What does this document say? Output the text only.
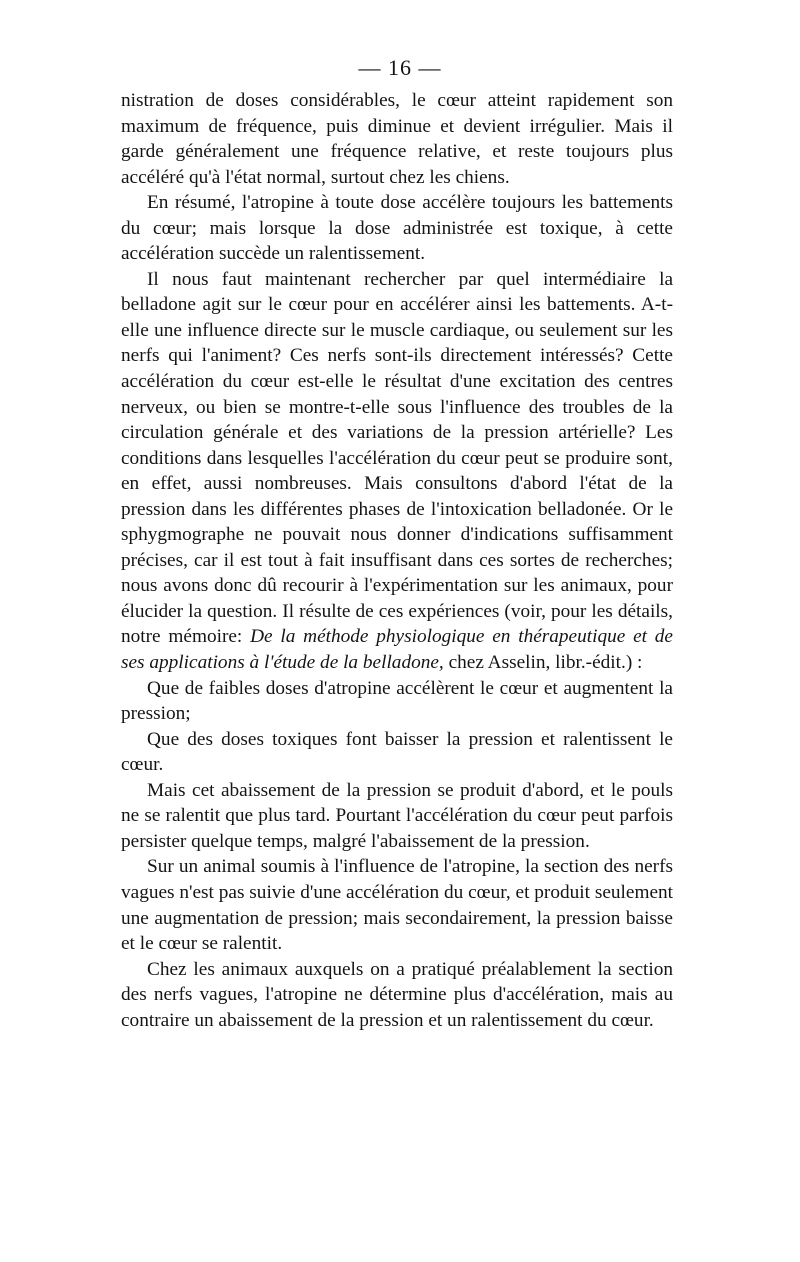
— 16 —

nistration de doses considérables, le cœur atteint rapidement son maximum de fréquence, puis diminue et devient irrégulier. Mais il garde généralement une fréquence relative, et reste toujours plus accéléré qu'à l'état normal, surtout chez les chiens.

En résumé, l'atropine à toute dose accélère toujours les battements du cœur; mais lorsque la dose administrée est toxique, à cette accélération succède un ralentissement.

Il nous faut maintenant rechercher par quel intermédiaire la belladone agit sur le cœur pour en accélérer ainsi les battements. A-t-elle une influence directe sur le muscle cardiaque, ou seulement sur les nerfs qui l'animent? Ces nerfs sont-ils directement intéressés? Cette accélération du cœur est-elle le résultat d'une excitation des centres nerveux, ou bien se montre-t-elle sous l'influence des troubles de la circulation générale et des variations de la pression artérielle? Les conditions dans lesquelles l'accélération du cœur peut se produire sont, en effet, aussi nombreuses. Mais consultons d'abord l'état de la pression dans les différentes phases de l'intoxication belladonée. Or le sphygmographe ne pouvait nous donner d'indications suffisamment précises, car il est tout à fait insuffisant dans ces sortes de recherches; nous avons donc dû recourir à l'expérimentation sur les animaux, pour élucider la question. Il résulte de ces expériences (voir, pour les détails, notre mémoire: De la méthode physiologique en thérapeutique et de ses applications à l'étude de la belladone, chez Asselin, libr.-édit.) :

Que de faibles doses d'atropine accélèrent le cœur et augmentent la pression;

Que des doses toxiques font baisser la pression et ralentissent le cœur.

Mais cet abaissement de la pression se produit d'abord, et le pouls ne se ralentit que plus tard. Pourtant l'accélération du cœur peut parfois persister quelque temps, malgré l'abaissement de la pression.

Sur un animal soumis à l'influence de l'atropine, la section des nerfs vagues n'est pas suivie d'une accélération du cœur, et produit seulement une augmentation de pression; mais secondairement, la pression baisse et le cœur se ralentit.

Chez les animaux auxquels on a pratiqué préalablement la section des nerfs vagues, l'atropine ne détermine plus d'accélération, mais au contraire un abaissement de la pression et un ralentissement du cœur.
